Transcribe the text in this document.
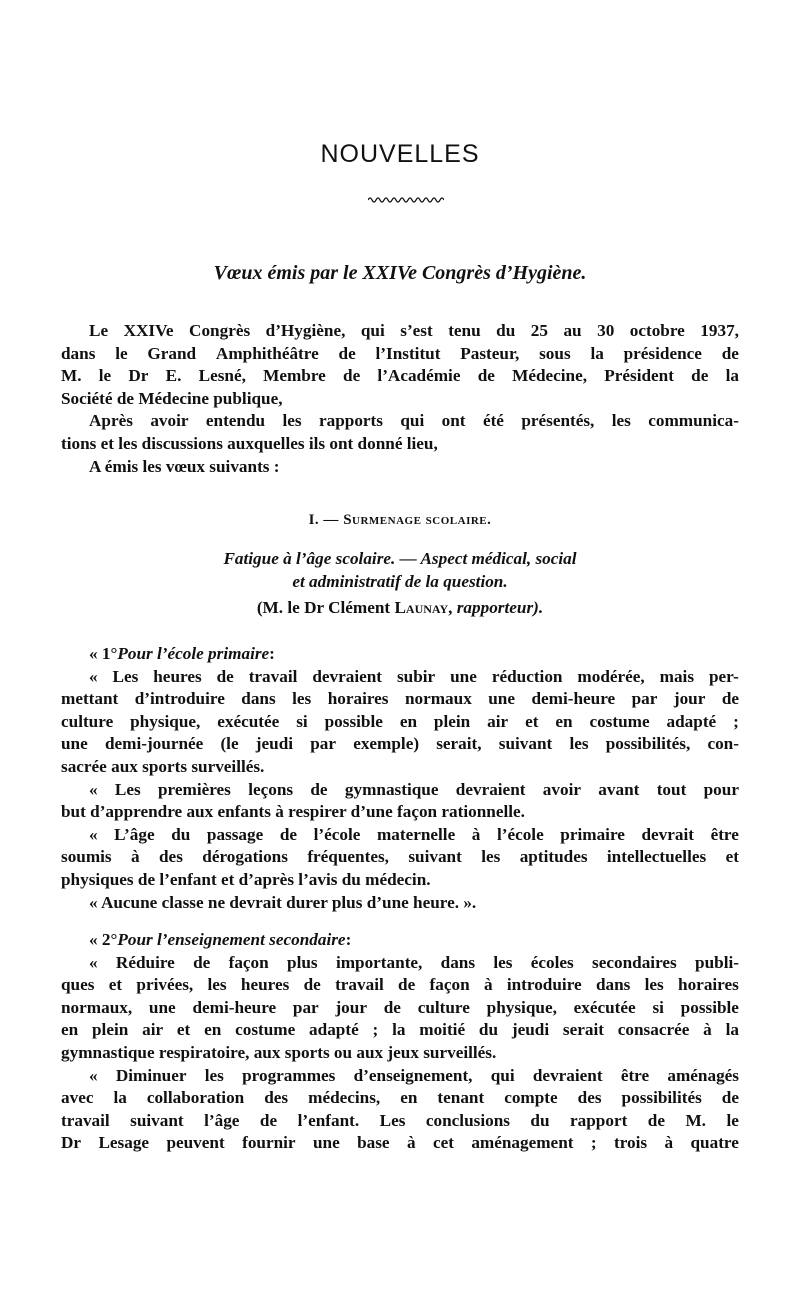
NOUVELLES
Vœux émis par le XXIVe Congrès d’Hygiène.
Le XXIVe Congrès d’Hygiène, qui s’est tenu du 25 au 30 octobre 1937,
dans le Grand Amphithéâtre de l’Institut Pasteur, sous la présidence de
M. le Dr E. Lesné, Membre de l’Académie de Médecine, Président de la
Société de Médecine publique,
Après avoir entendu les rapports qui ont été présentés, les communica-
tions et les discussions auxquelles ils ont donné lieu,
A émis les vœux suivants :
I. — Surmenage scolaire.
Fatigue à l’âge scolaire. — Aspect médical, social
et administratif de la question.
(M. le Dr Clément Launay, rapporteur).
« 1° Pour l’école primaire :
« Les heures de travail devraient subir une réduction modérée, mais per-
mettant d’introduire dans les horaires normaux une demi-heure par jour de
culture physique, exécutée si possible en plein air et en costume adapté ;
une demi-journée (le jeudi par exemple) serait, suivant les possibilités, con-
sacrée aux sports surveillés.
« Les premières leçons de gymnastique devraient avoir avant tout pour
but d’apprendre aux enfants à respirer d’une façon rationnelle.
« L’âge du passage de l’école maternelle à l’école primaire devrait être
soumis à des dérogations fréquentes, suivant les aptitudes intellectuelles et
physiques de l’enfant et d’après l’avis du médecin.
« Aucune classe ne devrait durer plus d’une heure. ».
« 2° Pour l’enseignement secondaire :
« Réduire de façon plus importante, dans les écoles secondaires publi-
ques et privées, les heures de travail de façon à introduire dans les horaires
normaux, une demi-heure par jour de culture physique, exécutée si possible
en plein air et en costume adapté ; la moitié du jeudi serait consacrée à la
gymnastique respiratoire, aux sports ou aux jeux surveillés.
« Diminuer les programmes d’enseignement, qui devraient être aménagés
avec la collaboration des médecins, en tenant compte des possibilités de
travail suivant l’âge de l’enfant. Les conclusions du rapport de M. le
Dr Lesage peuvent fournir une base à cet aménagement ; trois à quatre
